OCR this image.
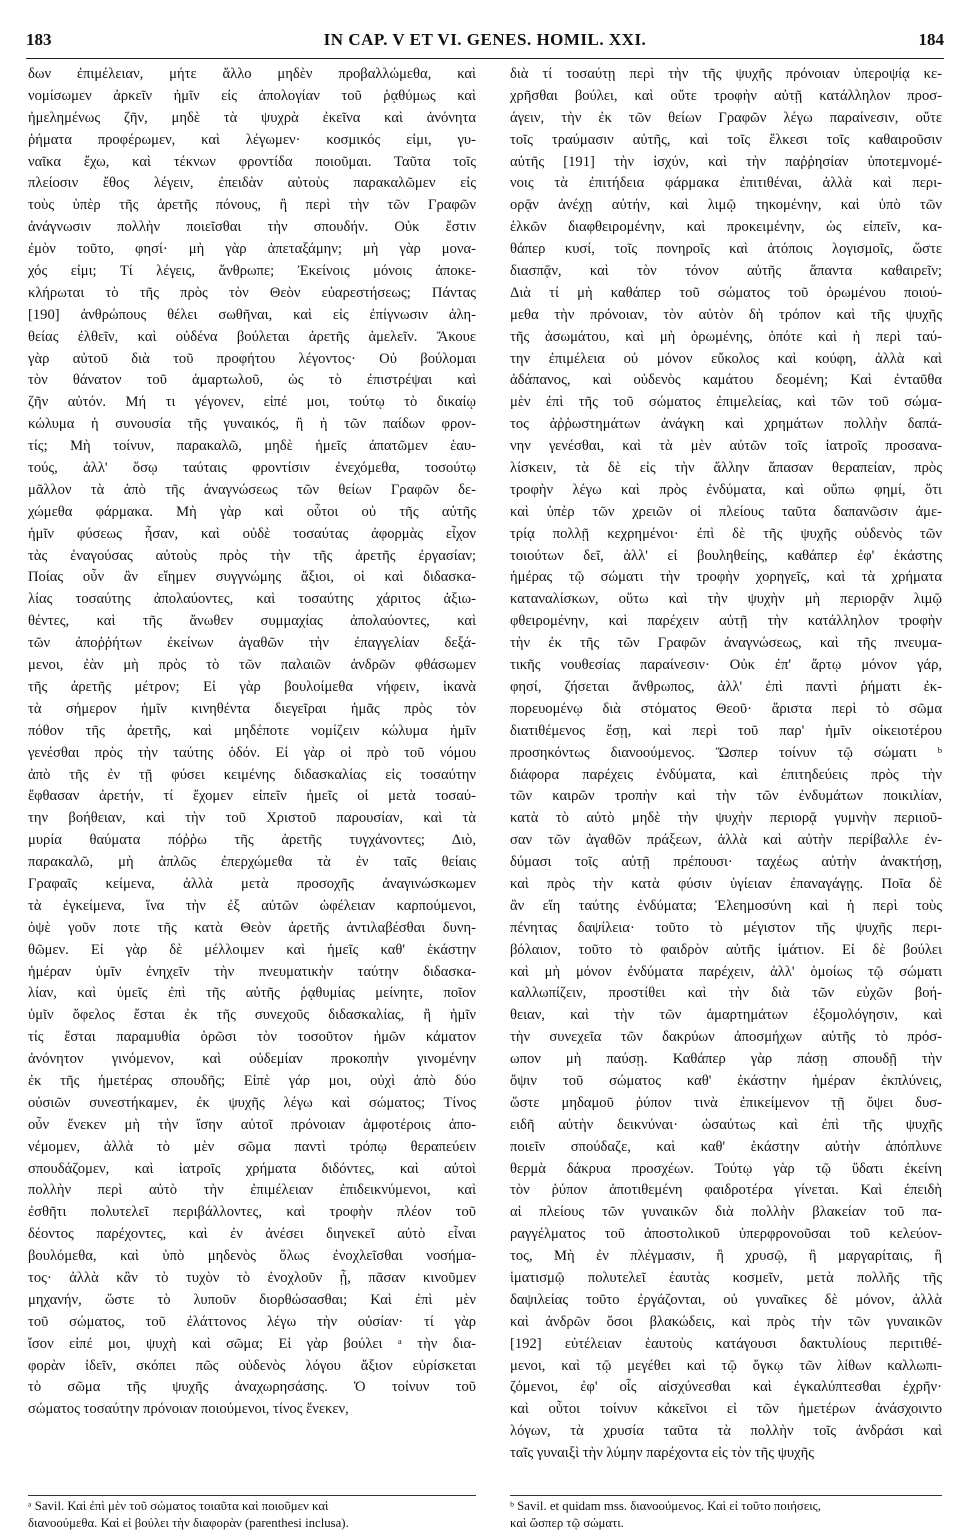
183	IN CAP. V ET VI. GENES. HOMIL. XXI.	184
δων ἐπιμέλειαν, μήτε ἄλλο μηδὲν προβαλλώμεθα, καὶ
νομίσωμεν ἀρκεῖν ἡμῖν εἰς ἀπολογίαν τοῦ ῥᾳθύμως καὶ
ἠμελημένως ζῆν, μηδὲ τὰ ψυχρὰ ἐκεῖνα καὶ ἀνόνητα
ῥήματα προφέρωμεν, καὶ λέγωμεν· κοσμικός εἰμι, γυ-
ναῖκα ἔχω, καὶ τέκνων φροντίδα ποιοῦμαι. Ταῦτα τοῖς
πλείοσιν ἔθος λέγειν, ἐπειδὰν αὐτοὺς παρακαλῶμεν εἰς
τοὺς ὑπὲρ τῆς ἀρετῆς πόνους, ἢ περὶ τὴν τῶν Γραφῶν
ἀνάγνωσιν πολλὴν ποιεῖσθαι τὴν σπουδήν. Οὐκ ἔστιν
ἐμὸν τοῦτο, φησί· μὴ γὰρ ἀπεταξάμην; μὴ γὰρ μονα-
χός εἰμι; Τί λέγεις, ἄνθρωπε; Ἐκείνοις μόνοις ἀποκε-
κλήρωται τὸ τῆς πρὸς τὸν Θεὸν εὐαρεστήσεως; Πάντας
[190] ἀνθρώπους θέλει σωθῆναι, καὶ εἰς ἐπίγνωσιν ἀλη-
θείας ἐλθεῖν, καὶ οὐδένα βούλεται ἀρετῆς ἀμελεῖν. Ἄκουε
γὰρ αὐτοῦ διὰ τοῦ προφήτου λέγοντος· Οὐ βούλομαι
τὸν θάνατον τοῦ ἁμαρτωλοῦ, ὡς τὸ ἐπιστρέψαι καὶ
ζῆν αὐτόν. Μή τι γέγονεν, εἰπέ μοι, τούτῳ τὸ δικαίῳ
κώλυμα ἡ συνουσία τῆς γυναικός, ἢ ἡ τῶν παίδων φρον-
τίς; Μὴ τοίνυν, παρακαλῶ, μηδὲ ἡμεῖς ἀπατῶμεν ἑαυ-
τούς, ἀλλ' ὅσῳ ταύταις φροντίσιν ἐνεχόμεθα, τοσούτῳ
μᾶλλον τὰ ἀπὸ τῆς ἀναγνώσεως τῶν θείων Γραφῶν δε-
χώμεθα φάρμακα. Μὴ γὰρ καὶ οὗτοι οὐ τῆς αὐτῆς
ἡμῖν φύσεως ἦσαν, καὶ οὐδὲ τοσαύτας ἀφορμὰς εἶχον
τὰς ἐναγούσας αὐτοὺς πρὸς τὴν τῆς ἀρετῆς ἐργασίαν;
Ποίας οὖν ἂν εἴημεν συγγνώμης ἄξιοι, οἱ καὶ διδασκα-
λίας τοσαύτης ἀπολαύοντες, καὶ τοσαύτης χάριτος ἀξιω-
θέντες, καὶ τῆς ἄνωθεν συμμαχίας ἀπολαύοντες, καὶ
τῶν ἀποῤῥήτων ἐκείνων ἀγαθῶν τὴν ἐπαγγελίαν δεξά-
μενοι, ἐὰν μὴ πρὸς τὸ τῶν παλαιῶν ἀνδρῶν φθάσωμεν
τῆς ἀρετῆς μέτρον; Εἰ γὰρ βουλοίμεθα νήφειν, ἱκανὰ
τὰ σήμερον ἡμῖν κινηθέντα διεγεῖραι ἡμᾶς πρὸς τὸν
πόθον τῆς ἀρετῆς, καὶ μηδέποτε νομίζειν κώλυμα ἡμῖν
γενέσθαι πρὸς τὴν ταύτης ὁδόν. Εἰ γὰρ οἱ πρὸ τοῦ νόμου
ἀπὸ τῆς ἐν τῇ φύσει κειμένης διδασκαλίας εἰς τοσαύτην
ἔφθασαν ἀρετήν, τί ἔχομεν εἰπεῖν ἡμεῖς οἱ μετὰ τοσαύ-
την βοήθειαν, καὶ τὴν τοῦ Χριστοῦ παρουσίαν, καὶ τὰ
μυρία θαύματα πόῤῥω τῆς ἀρετῆς τυγχάνοντες; Διὸ,
παρακαλῶ, μὴ ἁπλῶς ἐπερχώμεθα τὰ ἐν ταῖς θείαις
Γραφαῖς κείμενα, ἀλλὰ μετὰ προσοχῆς ἀναγινώσκωμεν
τὰ ἐγκείμενα, ἵνα τὴν ἐξ αὐτῶν ὠφέλειαν καρπούμενοι,
ὀψὲ γοῦν ποτε τῆς κατὰ Θεὸν ἀρετῆς ἀντιλαβέσθαι δυνη-
θῶμεν. Εἰ γὰρ δὲ μέλλοιμεν καὶ ἡμεῖς καθ' ἑκάστην
ἡμέραν ὑμῖν ἐνηχεῖν τὴν πνευματικὴν ταύτην διδασκα-
λίαν, καὶ ὑμεῖς ἐπὶ τῆς αὐτῆς ῥᾳθυμίας μείνητε, ποῖον
ὑμῖν ὄφελος ἔσται ἐκ τῆς συνεχοῦς διδασκαλίας, ἢ ἡμῖν
τίς ἔσται παραμυθία ὁρῶσι τὸν τοσοῦτον ἡμῶν κάματον
ἀνόνητον γινόμενον, καὶ οὐδεμίαν προκοπὴν γινομένην
ἐκ τῆς ἡμετέρας σπουδῆς; Εἰπὲ γάρ μοι, οὐχὶ ἀπὸ δύο
οὐσιῶν συνεστήκαμεν, ἐκ ψυχῆς λέγω καὶ σώματος; Τίνος
οὖν ἕνεκεν μὴ τὴν ἴσην αὐτοῖ πρόνοιαν ἀμφοτέροις ἀπο-
νέμομεν, ἀλλὰ τὸ μὲν σῶμα παντὶ τρόπῳ θεραπεύειν
σπουδάζομεν, καὶ ἰατροῖς χρήματα διδόντες, καὶ αὐτοὶ
πολλὴν περὶ αὐτὸ τὴν ἐπιμέλειαν ἐπιδεικνύμενοι, καὶ
ἐσθῆτι πολυτελεῖ περιβάλλοντες, καὶ τροφὴν πλέον τοῦ
δέοντος παρέχοντες, καὶ ἐν ἀνέσει διηνεκεῖ αὐτὸ εἶναι
βουλόμεθα, καὶ ὑπὸ μηδενὸς ὅλως ἐνοχλεῖσθαι νοσήμα-
τος· ἀλλὰ κἂν τὸ τυχὸν τὸ ἐνοχλοῦν ᾖ, πᾶσαν κινοῦμεν
μηχανήν, ὥστε τὸ λυποῦν διορθώσασθαι; Καὶ ἐπὶ μὲν
τοῦ σώματος, τοῦ ἐλάττονος λέγω τὴν οὐσίαν· τί γὰρ
ἴσον εἰπέ μοι, ψυχὴ καὶ σῶμα; Εἰ γὰρ βούλει ᵃ τὴν δια-
φορὰν ἰδεῖν, σκόπει πῶς οὐδενὸς λόγου ἄξιον εὑρίσκεται
τὸ σῶμα τῆς ψυχῆς ἀναχωρησάσης. Ὁ τοίνυν τοῦ
σώματος τοσαύτην πρόνοιαν ποιούμενοι, τίνος ἕνεκεν,
διὰ τί τοσαύτῃ περὶ τὴν τῆς ψυχῆς πρόνοιαν ὑπεροψίᾳ κε-
χρῆσθαι βούλει, καὶ οὔτε τροφὴν αὐτῇ κατάλληλον προσ-
άγειν, τὴν ἐκ τῶν θείων Γραφῶν λέγω παραίνεσιν, οὔτε
τοῖς τραύμασιν αὐτῆς, καὶ τοῖς ἕλκεσι τοῖς καθαιροῦσιν
αὐτῆς [191] τὴν ἰσχύν, καὶ τὴν παῤῥησίαν ὑποτεμνομέ-
νοις τὰ ἐπιτήδεια φάρμακα ἐπιτιθέναι, ἀλλὰ καὶ περι-
ορᾷν ἀνέχῃ αὐτήν, καὶ λιμῷ τηκομένην, καὶ ὑπὸ τῶν
ἑλκῶν διαφθειρομένην, καὶ προκειμένην, ὡς εἰπεῖν, κα-
θάπερ κυσί, τοῖς πονηροῖς καὶ ἀτόποις λογισμοῖς, ὥστε
διασπᾷν, καὶ τὸν τόνον αὐτῆς ἅπαντα καθαιρεῖν;
Διὰ τί μὴ καθάπερ τοῦ σώματος τοῦ ὁρωμένου ποιού-
μεθα τὴν πρόνοιαν, τὸν αὐτὸν δὴ τρόπον καὶ τῆς ψυχῆς
τῆς ἀσωμάτου, καὶ μὴ ὁρωμένης, ὁπότε καὶ ἡ περὶ ταύ-
την ἐπιμέλεια οὐ μόνον εὔκολος καὶ κούφη, ἀλλὰ καὶ
ἀδάπανος, καὶ οὐδενὸς καμάτου δεομένη; Καὶ ἐνταῦθα
μὲν ἐπὶ τῆς τοῦ σώματος ἐπιμελείας, καὶ τῶν τοῦ σώμα-
τος ἀῤῥωστημάτων ἀνάγκη καὶ χρημάτων πολλὴν δαπά-
νην γενέσθαι, καὶ τὰ μὲν αὐτῶν τοῖς ἰατροῖς προσανα-
λίσκειν, τὰ δὲ εἰς τὴν ἄλλην ἅπασαν θεραπείαν, πρὸς
τροφὴν λέγω καὶ πρὸς ἐνδύματα, καὶ οὔπω φημί, ὅτι
καὶ ὑπὲρ τῶν χρειῶν οἱ πλείους ταῦτα δαπανῶσιν ἀμε-
τρίᾳ πολλῇ κεχρημένοι· ἐπὶ δὲ τῆς ψυχῆς οὐδενὸς τῶν
τοιούτων δεῖ, ἀλλ' εἰ βουληθείης, καθάπερ ἐφ' ἑκάστης
ἡμέρας τῷ σώματι τὴν τροφὴν χορηγεῖς, καὶ τὰ χρήματα
καταναλίσκων, οὕτω καὶ τὴν ψυχὴν μὴ περιορᾷν λιμῷ
φθειρομένην, καὶ παρέχειν αὐτῇ τὴν κατάλληλον τροφὴν
τὴν ἐκ τῆς τῶν Γραφῶν ἀναγνώσεως, καὶ τῆς πνευμα-
τικῆς νουθεσίας παραίνεσιν· Οὐκ ἐπ' ἄρτῳ μόνον γάρ,
φησί, ζήσεται ἄνθρωπος, ἀλλ' ἐπὶ παντὶ ῥήματι ἐκ-
πορευομένῳ διὰ στόματος Θεοῦ· ἄριστα περὶ τὸ σῶμα
διατιθέμενος ἔσῃ, καὶ περὶ τοῦ παρ' ἡμῖν οἰκειοτέρου
προσηκόντως διανοούμενος. Ὥσπερ τοίνυν τῷ σώματι ᵇ
διάφορα παρέχεις ἐνδύματα, καὶ ἐπιτηδεύεις πρὸς τὴν
τῶν καιρῶν τροπὴν καὶ τὴν τῶν ἐνδυμάτων ποικιλίαν,
κατὰ τὸ αὐτὸ μηδὲ τὴν ψυχὴν περιορᾷ γυμνὴν περιιοῦ-
σαν τῶν ἀγαθῶν πράξεων, ἀλλὰ καὶ αὐτὴν περίβαλλε ἐν-
δύμασι τοῖς αὐτῇ πρέπουσι· ταχέως αὐτὴν ἀνακτήσῃ,
καὶ πρὸς τὴν κατὰ φύσιν ὑγίειαν ἐπαναγάγῃς. Ποῖα δὲ
ἂν εἴη ταύτης ἐνδύματα; Ἐλεημοσύνη καὶ ἡ περὶ τοὺς
πένητας δαψίλεια· τοῦτο τὸ μέγιστον τῆς ψυχῆς περι-
βόλαιον, τοῦτο τὸ φαιδρὸν αὐτῆς ἱμάτιον. Εἰ δὲ βούλει
καὶ μὴ μόνον ἐνδύματα παρέχειν, ἀλλ' ὁμοίως τῷ σώματι
καλλωπίζειν, προστίθει καὶ τὴν διὰ τῶν εὐχῶν βοή-
θειαν, καὶ τὴν τῶν ἁμαρτημάτων ἐξομολόγησιν, καὶ
τὴν συνεχεῖα τῶν δακρύων ἀποσμήχων αὐτῆς τὸ πρόσ-
ωπον μὴ παύσῃ. Καθάπερ γὰρ πάσῃ σπουδῇ τὴν
ὄψιν τοῦ σώματος καθ' ἑκάστην ἡμέραν ἐκπλύνεις,
ὥστε μηδαμοῦ ῥύπον τινὰ ἐπικείμενον τῇ ὄψει δυσ-
ειδῆ αὐτὴν δεικνύναι· ὡσαύτως καὶ ἐπὶ τῆς ψυχῆς
ποιεῖν σπούδαζε, καὶ καθ' ἑκάστην αὐτὴν ἀπόπλυνε
θερμὰ δάκρυα προσχέων. Τούτῳ γὰρ τῷ ὕδατι ἐκείνη
τὸν ῥύπον ἀποτιθεμένη φαιδροτέρα γίνεται. Καὶ ἐπειδὴ
αἱ πλείους τῶν γυναικῶν διὰ πολλὴν βλακείαν τοῦ πα-
ραγγέλματος τοῦ ἀποστολικοῦ ὑπερφρονοῦσαι τοῦ κελεύον-
τος, Μὴ ἐν πλέγμασιν, ἢ χρυσῷ, ἢ μαργαρίταις, ἢ
ἱματισμῷ πολυτελεῖ ἑαυτὰς κοσμεῖν, μετὰ πολλῆς τῆς
δαψιλείας τοῦτο ἐργάζονται, οὐ γυναῖκες δὲ μόνον, ἀλλὰ
καὶ ἀνδρῶν ὅσοι βλακώδεις, καὶ πρὸς τὴν τῶν γυναικῶν
[192] εὐτέλειαν ἑαυτοὺς κατάγουσι δακτυλίους περιτιθέ-
μενοι, καὶ τῷ μεγέθει καὶ τῷ ὄγκῳ τῶν λίθων καλλωπι-
ζόμενοι, ἐφ' οἷς αἰσχύνεσθαι καὶ ἐγκαλύπτεσθαι ἐχρῆν·
καὶ οὗτοι τοίνυν κἀκεῖνοι εἰ τῶν ἡμετέρων ἀνάσχοιντο
λόγων, τὰ χρυσία ταῦτα τὰ πολλὴν τοῖς ἀνδράσι καὶ
ταῖς γυναιξὶ τὴν λύμην παρέχοντα εἰς τὸν τῆς ψυχῆς
ᵃ Savil. Καὶ ἐπὶ μὲν τοῦ σώματος τοιαῦτα καὶ ποιοῦμεν καὶ
διανοούμεθα. Καὶ εἰ βούλει τὴν διαφορὰν (parenthesi inclusa).
ᵇ Savil. et quidam mss. διανοούμενος. Καὶ εἰ τοῦτο ποιήσεις,
καὶ ὥσπερ τῷ σώματι.
